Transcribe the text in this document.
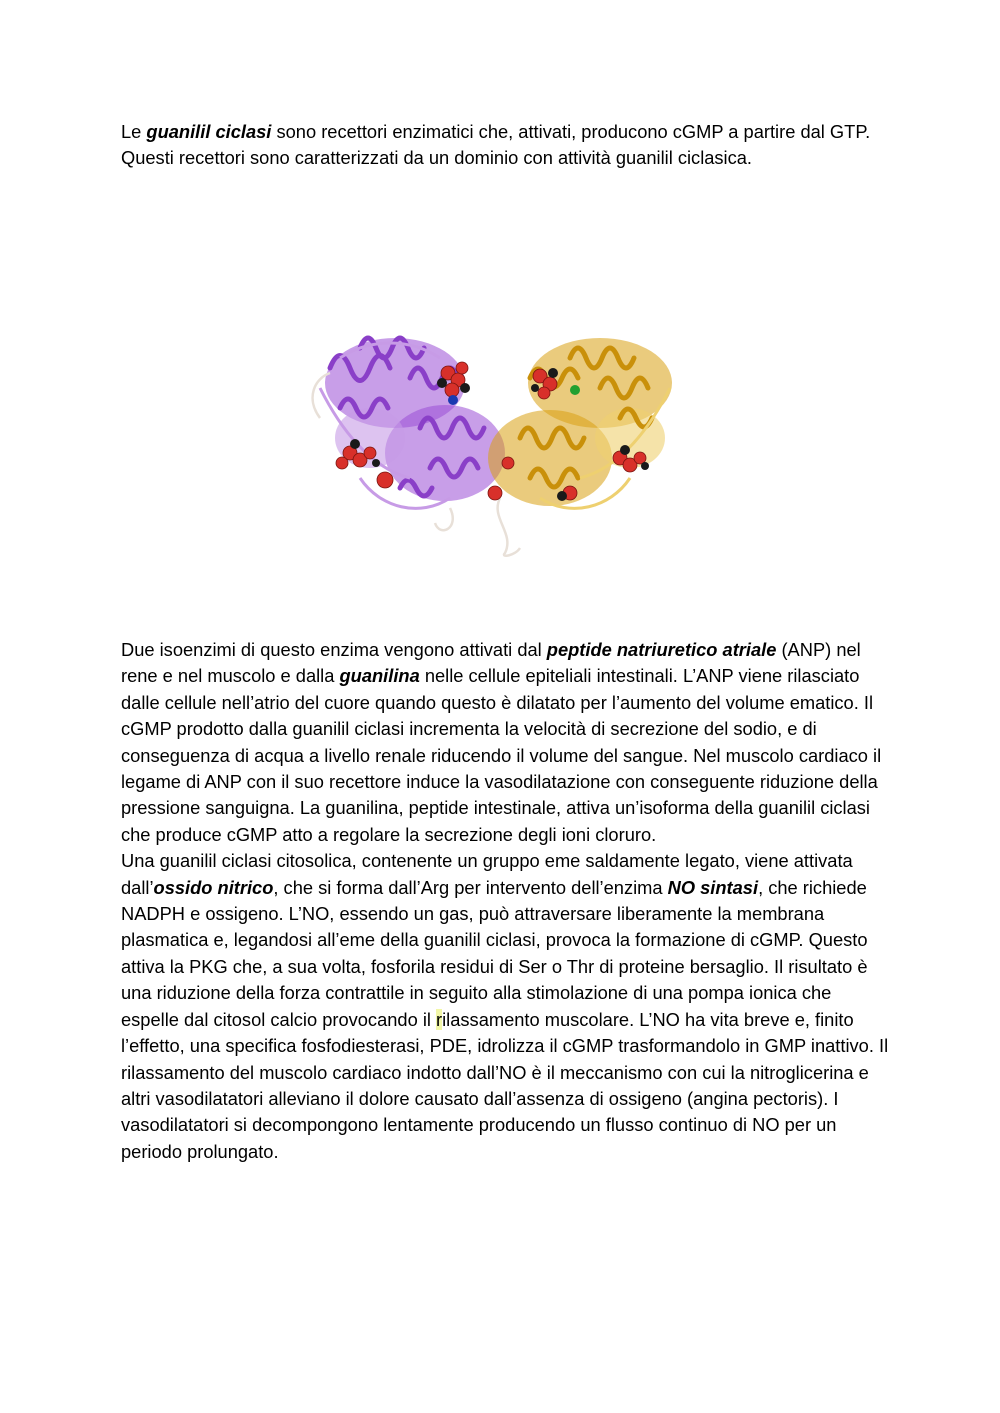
Le guanilil ciclasi sono recettori enzimatici che, attivati, producono cGMP a partire dal GTP. Questi recettori sono caratterizzati da un dominio con attività guanilil ciclasica.

Due isoenzimi di questo enzima vengono attivati dal peptide natriuretico atriale (ANP) nel rene e nel muscolo e dalla guanilina nelle cellule epiteliali intestinali. L’ANP viene rilasciato dalle cellule nell’atrio del cuore quando questo è dilatato per l’aumento del volume ematico. Il cGMP prodotto dalla guanilil ciclasi incrementa la velocità di secrezione del sodio, e di conseguenza di acqua a livello renale riducendo il volume del sangue. Nel muscolo cardiaco il legame di ANP con il suo recettore induce la vasodilatazione con conseguente riduzione della pressione sanguigna. La guanilina, peptide intestinale, attiva un’isoforma della guanilil ciclasi che produce cGMP atto a regolare la secrezione degli ioni cloruro.
Una guanilil ciclasi citosolica, contenente un gruppo eme saldamente legato, viene attivata dall’ossido nitrico, che si forma dall’Arg per intervento dell’enzima NO sintasi, che richiede NADPH e ossigeno. L’NO, essendo un gas, può attraversare liberamente la membrana plasmatica e, legandosi all’eme della guanilil ciclasi, provoca la formazione di cGMP. Questo attiva la PKG che, a sua volta, fosforila residui di Ser o Thr di proteine bersaglio. Il risultato è una riduzione della forza contrattile in seguito alla stimolazione di una pompa ionica che espelle dal citosol calcio provocando il rilassamento muscolare. L’NO ha vita breve e, finito l’effetto, una specifica fosfodiesterasi, PDE, idrolizza il cGMP trasformandolo in GMP inattivo. Il rilassamento del muscolo cardiaco indotto dall’NO è il meccanismo con cui la nitroglicerina e altri vasodilatatori alleviano il dolore causato dall’assenza di ossigeno (angina pectoris). I vasodilatatori si decompongono lentamente producendo un flusso continuo di NO per un periodo prolungato.
